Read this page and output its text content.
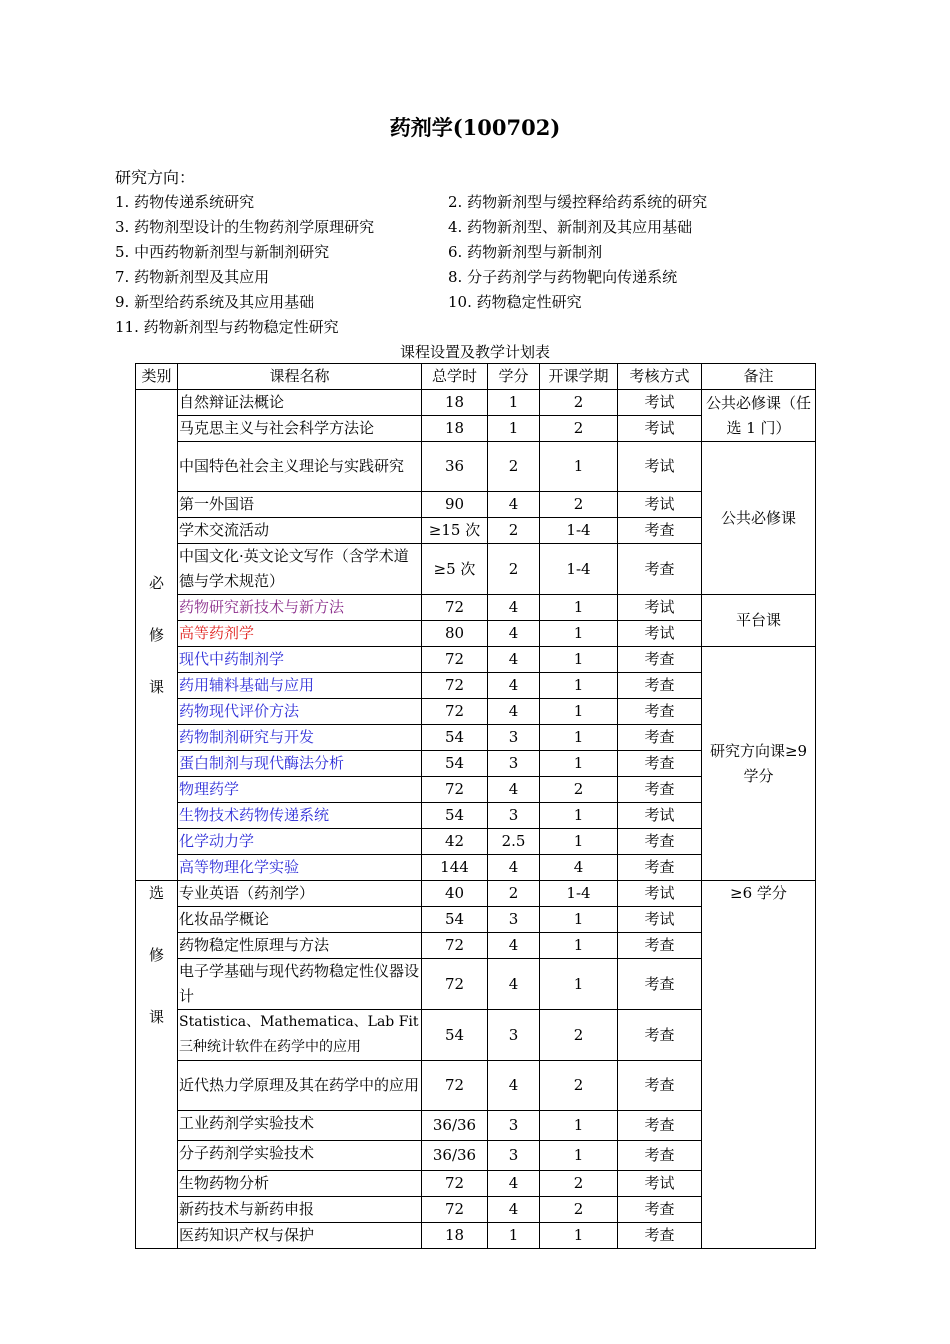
药剂学(100702)
研究方向：
1. 药物传递系统研究	2. 药物新剂型与缓控释给药系统的研究
3. 药物剂型设计的生物药剂学原理研究	4. 药物新剂型、新制剂及其应用基础
5. 中西药物新剂型与新制剂研究	6. 药物新剂型与新制剂
7. 药物新剂型及其应用	8. 分子药剂学与药物靶向传递系统
9. 新型给药系统及其应用基础	10. 药物稳定性研究
11. 药物新剂型与药物稳定性研究
课程设置及教学计划表
类别	课程名称	总学时	学分	开课学期	考核方式	备注

必
修
课	自然辩证法概论	18	1	2	考试	公共必修课（任选 1 门）
	马克思主义与社会科学方法论	18	1	2	考试	
	中国特色社会主义理论与实践研究	36	2	1	考试	公共必修课
	第一外国语	90	4	2	考试	
	学术交流活动	≥15 次	2	1-4	考查	
	中国文化·英文论文写作（含学术道德与学术规范）	≥5 次	2	1-4	考查	
	药物研究新技术与新方法	72	4	1	考试	平台课
	高等药剂学	80	4	1	考试	
	现代中药制剂学	72	4	1	考查	研究方向课≥9 学分
	药用辅料基础与应用	72	4	1	考查	
	药物现代评价方法	72	4	1	考查	
	药物制剂研究与开发	54	3	1	考查	
	蛋白制剂与现代酶法分析	54	3	1	考查	
	物理药学	72	4	2	考查	
	生物技术药物传递系统	54	3	1	考试	
	化学动力学	42	2.5	1	考查	
	高等物理化学实验	144	4	4	考查	

选
修
课	专业英语（药剂学）	40	2	1-4	考试	≥6 学分
	化妆品学概论	54	3	1	考试	
	药物稳定性原理与方法	72	4	1	考查	
	电子学基础与现代药物稳定性仪器设计	72	4	1	考查	
	Statistica、Mathematica、Lab Fit 三种统计软件在药学中的应用	54	3	2	考查	
	近代热力学原理及其在药学中的应用	72	4	2	考查	
	工业药剂学实验技术	36/36	3	1	考查	
	分子药剂学实验技术	36/36	3	1	考查	
	生物药物分析	72	4	2	考试	
	新药技术与新药申报	72	4	2	考查	
	医药知识产权与保护	18	1	1	考查	
